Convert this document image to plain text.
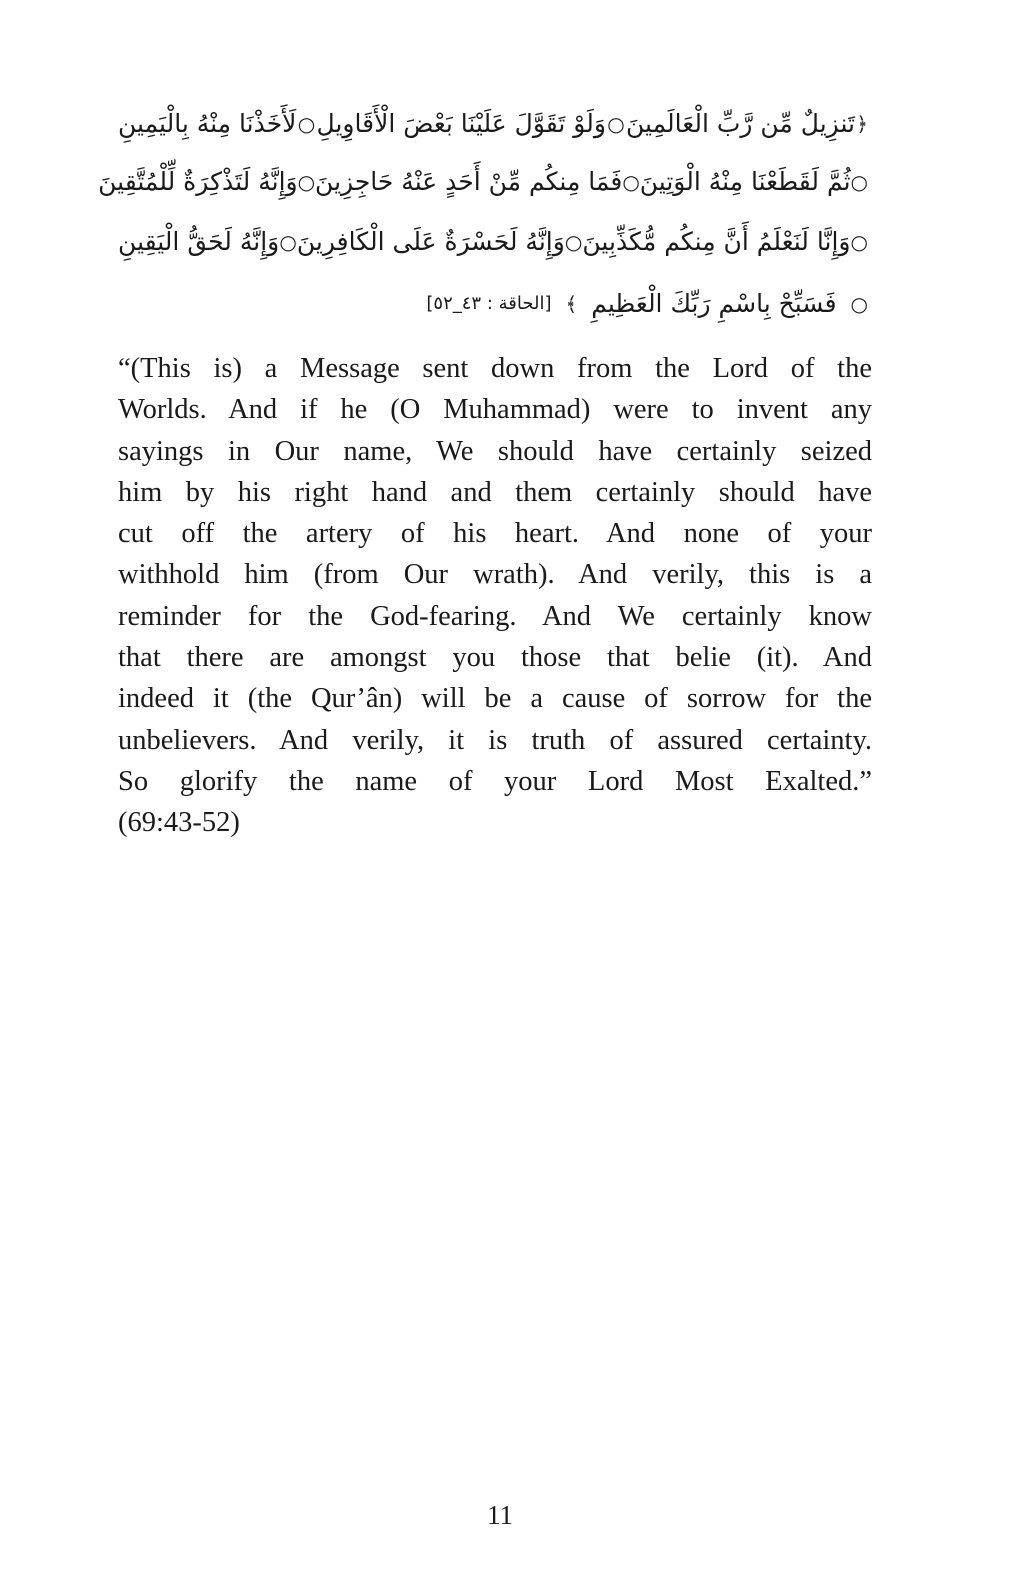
﴿
تَنزِيلٌ مِّن رَّبِّ الْعَالَمِينَ
○
وَلَوْ تَقَوَّلَ عَلَيْنَا بَعْضَ الْأَقَاوِيلِ
○
لَأَخَذْنَا مِنْهُ بِالْيَمِينِ
○
ثُمَّ لَقَطَعْنَا مِنْهُ الْوَتِينَ
○
فَمَا مِنكُم مِّنْ أَحَدٍ عَنْهُ حَاجِزِينَ
○
وَإِنَّهُ لَتَذْكِرَةٌ لِّلْمُتَّقِينَ
○
وَإِنَّا لَنَعْلَمُ أَنَّ مِنكُم مُّكَذِّبِينَ
○
وَإِنَّهُ لَحَسْرَةٌ عَلَى الْكَافِرِينَ
○
وَإِنَّهُ لَحَقُّ الْيَقِينِ
○
فَسَبِّحْ بِاسْمِ رَبِّكَ الْعَظِيمِ
﴾
[الحاقة : ٤٣_٥٢]
“(This is) a Message sent down from the Lord of the
Worlds. And if he (O Muhammad) were to invent any
sayings in Our name, We should have certainly seized
him by his right hand and them certainly should have
cut off the artery of his heart. And none of your
withhold him (from Our wrath). And verily, this is a
reminder for the God-fearing. And We certainly know
that there are amongst you those that belie (it). And
indeed it (the Qur’ân) will be a cause of sorrow for the
unbelievers. And verily, it is truth of assured certainty.
So glorify the name of your Lord Most Exalted.”
(69:43-52)
11
